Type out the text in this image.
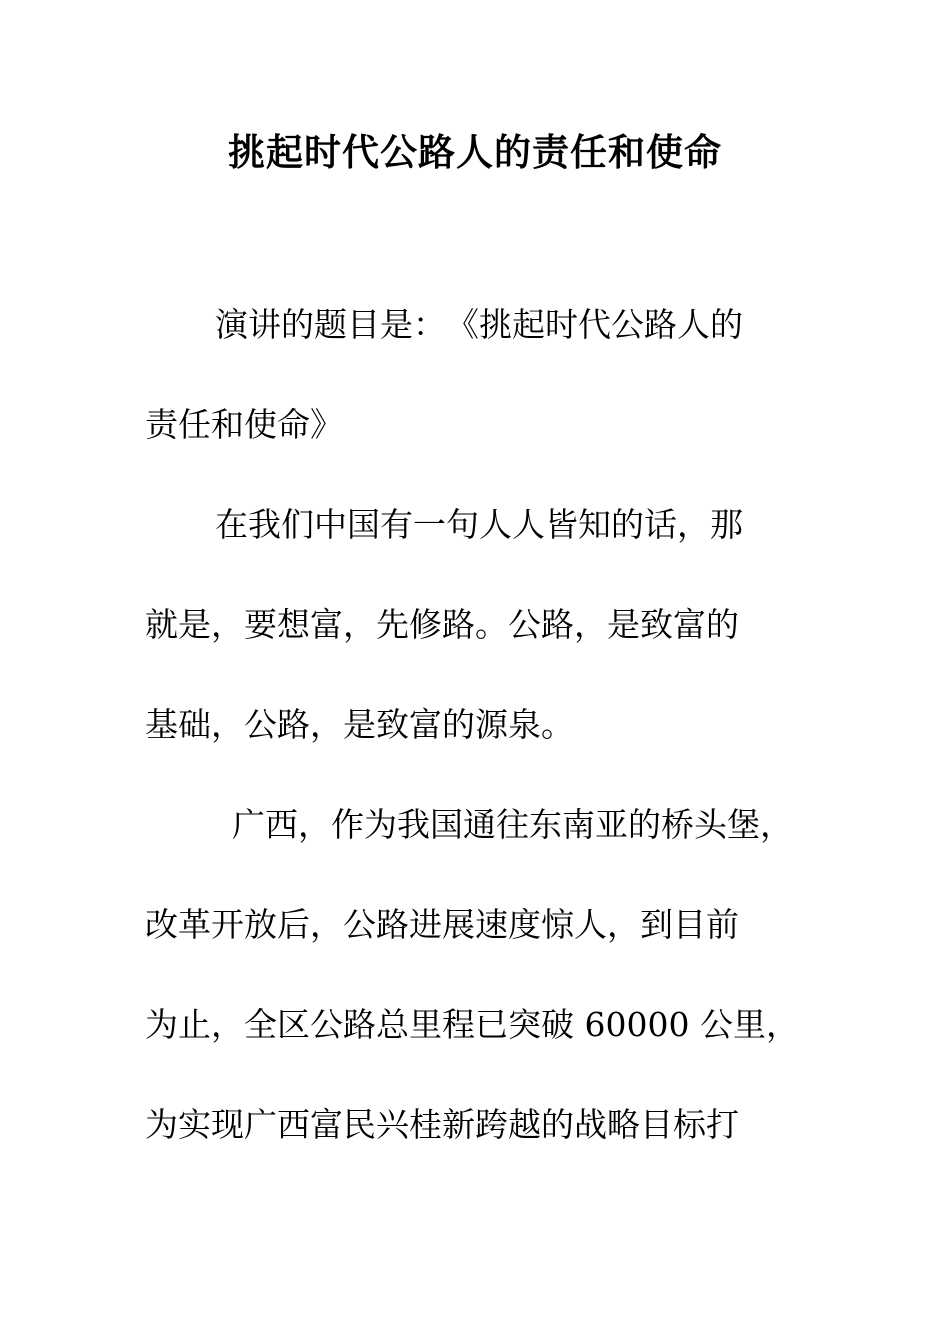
挑起时代公路人的责任和使命
演讲的题目是：　《挑起时代公路人的
责任和使命》
在我们中国有一句人人皆知的话，那
就是，要想富，先修路。公路，是致富的
基础，公路，是致富的源泉。
广西，作为我国通往东南亚的桥头堡，
改革开放后，公路进展速度惊人，到目前
为止，全区公路总里程已突破 60000 公里，
为实现广西富民兴桂新跨越的战略目标打
